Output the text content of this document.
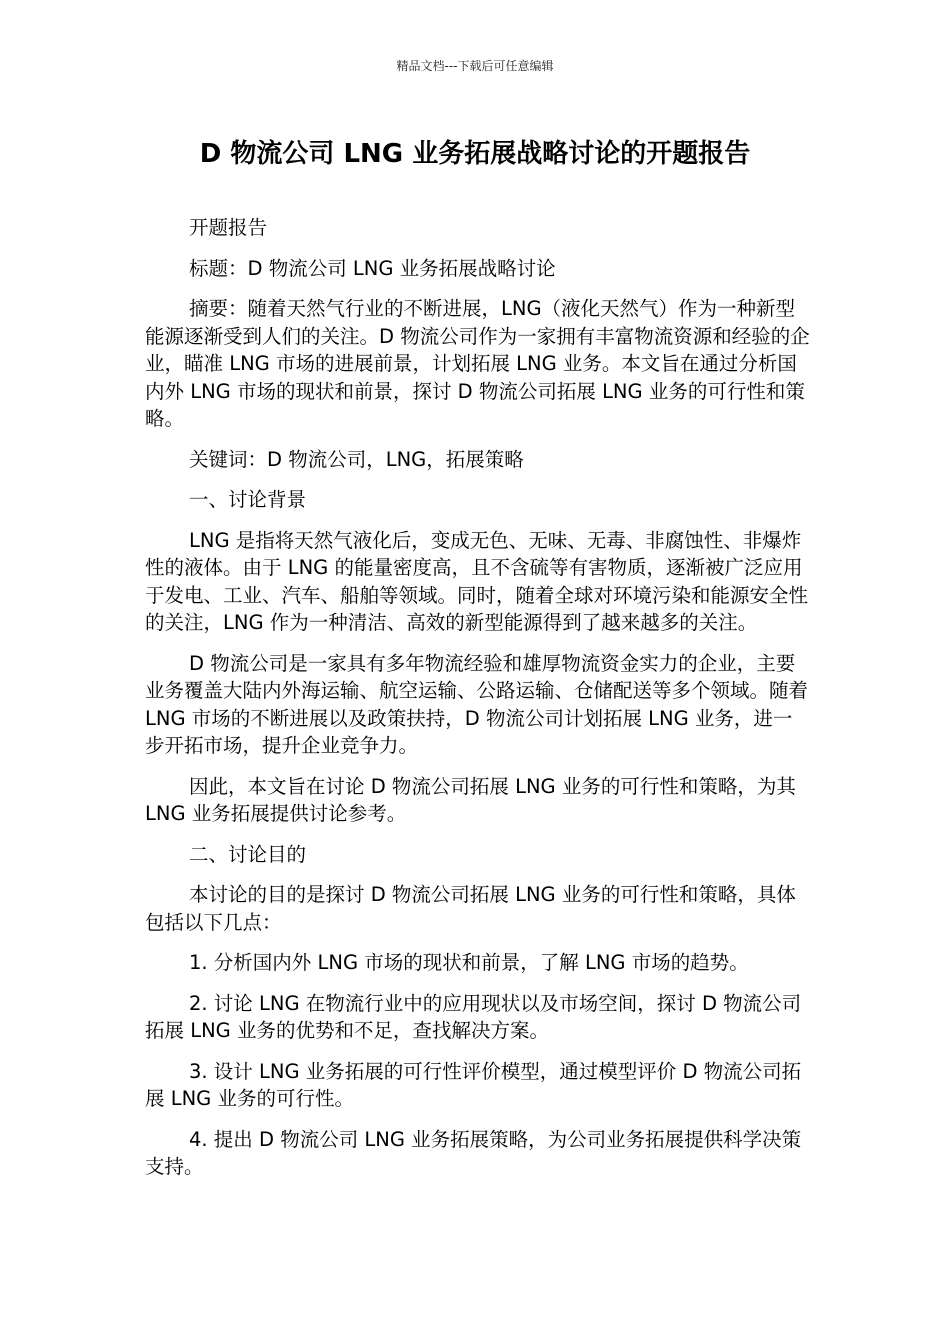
精品文档---下载后可任意编辑
D 物流公司 LNG 业务拓展战略讨论的开题报告

开题报告

标题：D 物流公司 LNG 业务拓展战略讨论

摘要：随着天然气行业的不断进展，LNG（液化天然气）作为一种新型能源逐渐受到人们的关注。D 物流公司作为一家拥有丰富物流资源和经验的企业，瞄准 LNG 市场的进展前景，计划拓展 LNG 业务。本文旨在通过分析国内外 LNG 市场的现状和前景，探讨 D 物流公司拓展 LNG 业务的可行性和策略。

关键词：D 物流公司，LNG，拓展策略

一、讨论背景

LNG 是指将天然气液化后，变成无色、无味、无毒、非腐蚀性、非爆炸性的液体。由于 LNG 的能量密度高，且不含硫等有害物质，逐渐被广泛应用于发电、工业、汽车、船舶等领域。同时，随着全球对环境污染和能源安全性的关注，LNG 作为一种清洁、高效的新型能源得到了越来越多的关注。

D 物流公司是一家具有多年物流经验和雄厚物流资金实力的企业，主要业务覆盖大陆内外海运输、航空运输、公路运输、仓储配送等多个领域。随着 LNG 市场的不断进展以及政策扶持，D 物流公司计划拓展 LNG 业务，进一步开拓市场，提升企业竞争力。

因此，本文旨在讨论 D 物流公司拓展 LNG 业务的可行性和策略，为其 LNG 业务拓展提供讨论参考。

二、讨论目的

本讨论的目的是探讨 D 物流公司拓展 LNG 业务的可行性和策略，具体包括以下几点：

1. 分析国内外 LNG 市场的现状和前景，了解 LNG 市场的趋势。

2. 讨论 LNG 在物流行业中的应用现状以及市场空间，探讨 D 物流公司拓展 LNG 业务的优势和不足，查找解决方案。

3. 设计 LNG 业务拓展的可行性评价模型，通过模型评价 D 物流公司拓展 LNG 业务的可行性。

4. 提出 D 物流公司 LNG 业务拓展策略，为公司业务拓展提供科学决策支持。
